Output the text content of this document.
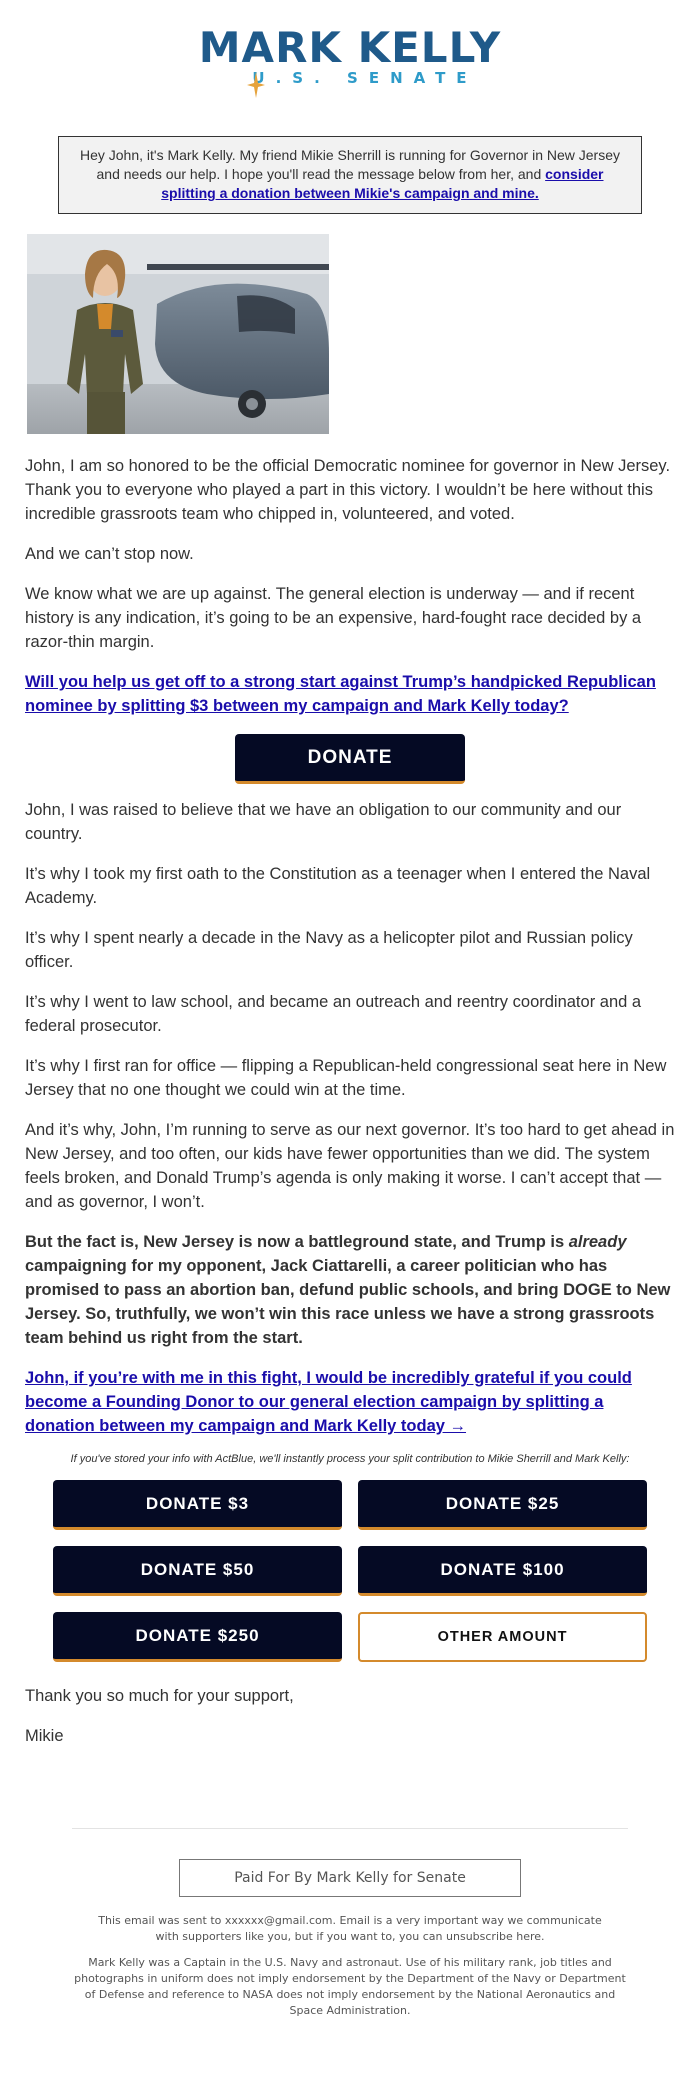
MARK KELLY
U.S. SENATE
Hey John, it's Mark Kelly. My friend Mikie Sherrill is running for Governor in New Jersey and needs our help. I hope you'll read the message below from her, and consider splitting a donation between Mikie's campaign and mine.

John, I am so honored to be the official Democratic nominee for governor in New Jersey. Thank you to everyone who played a part in this victory. I wouldn’t be here without this incredible grassroots team who chipped in, volunteered, and voted.

And we can’t stop now.

We know what we are up against. The general election is underway — and if recent history is any indication, it’s going to be an expensive, hard-fought race decided by a razor-thin margin.

Will you help us get off to a strong start against Trump’s handpicked Republican nominee by splitting $3 between my campaign and Mark Kelly today?
DONATE

John, I was raised to believe that we have an obligation to our community and our country.

It’s why I took my first oath to the Constitution as a teenager when I entered the Naval Academy.

It’s why I spent nearly a decade in the Navy as a helicopter pilot and Russian policy officer.

It’s why I went to law school, and became an outreach and reentry coordinator and a federal prosecutor.

It’s why I first ran for office — flipping a Republican-held congressional seat here in New Jersey that no one thought we could win at the time.

And it’s why, John, I’m running to serve as our next governor. It’s too hard to get ahead in New Jersey, and too often, our kids have fewer opportunities than we did. The system feels broken, and Donald Trump’s agenda is only making it worse. I can’t accept that — and as governor, I won’t.

But the fact is, New Jersey is now a battleground state, and Trump is already campaigning for my opponent, Jack Ciattarelli, a career politician who has promised to pass an abortion ban, defund public schools, and bring DOGE to New Jersey. So, truthfully, we won’t win this race unless we have a strong grassroots team behind us right from the start.

John, if you’re with me in this fight, I would be incredibly grateful if you could become a Founding Donor to our general election campaign by splitting a donation between my campaign and Mark Kelly today →

If you've stored your info with ActBlue, we'll instantly process your split contribution to Mikie Sherrill and Mark Kelly:

DONATE $3	DONATE $25
DONATE $50	DONATE $100
DONATE $250	OTHER AMOUNT

Thank you so much for your support,

Mikie

Paid For By Mark Kelly for Senate

This email was sent to xxxxxx@gmail.com. Email is a very important way we communicate with supporters like you, but if you want to, you can unsubscribe here.

Mark Kelly was a Captain in the U.S. Navy and astronaut. Use of his military rank, job titles and photographs in uniform does not imply endorsement by the Department of the Navy or Department of Defense and reference to NASA does not imply endorsement by the National Aeronautics and Space Administration.
